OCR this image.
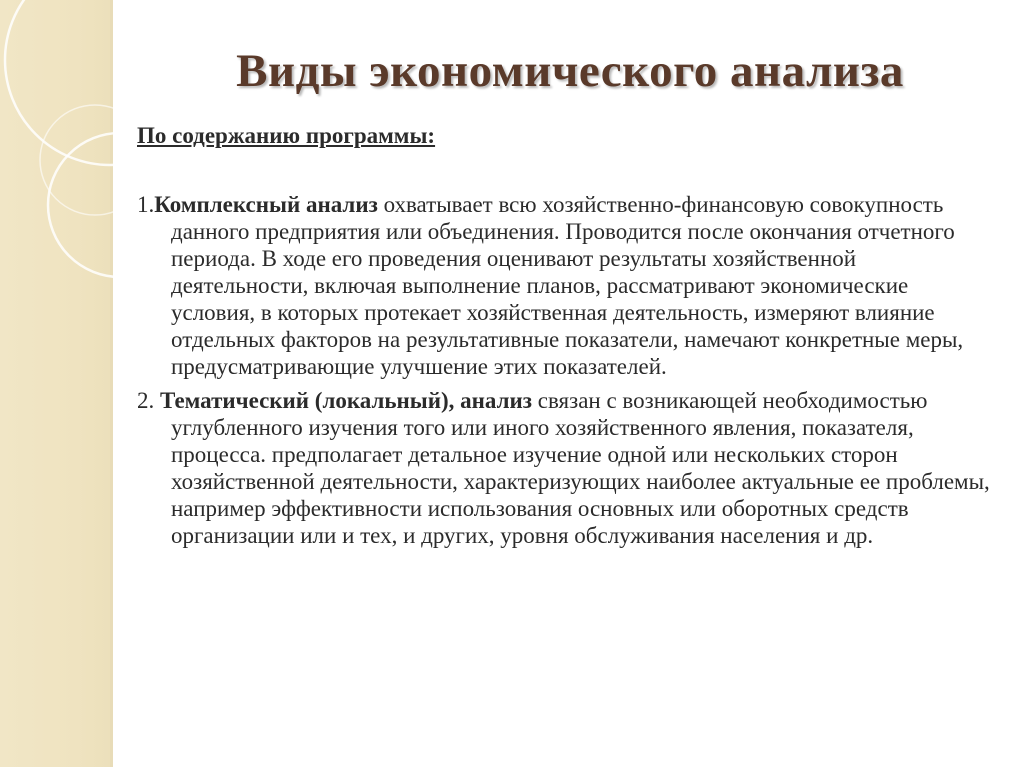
Виды экономического анализа
По содержанию программы:

1.Комплексный анализ охватывает всю хозяйственно-финансовую совокупность данного предприятия или объединения. Проводится после окончания отчетного периода. В ходе его проведения оценивают результаты хозяйственной деятельности, включая выполнение планов, рассматривают экономические условия, в которых протекает хозяйственная деятельность, измеряют влияние отдельных факторов на результативные показатели, намечают конкретные меры, предусматривающие улучшение этих показателей.

2. Тематический (локальный), анализ связан с возникающей необходимостью углубленного изучения того или иного хозяйственного явления, показателя, процесса. предполагает детальное изучение одной или нескольких сторон хозяйственной деятельности, характеризующих наиболее актуальные ее проблемы, например эффективности использования основных или оборотных средств организации или и тех, и других, уровня обслуживания населения и др.
